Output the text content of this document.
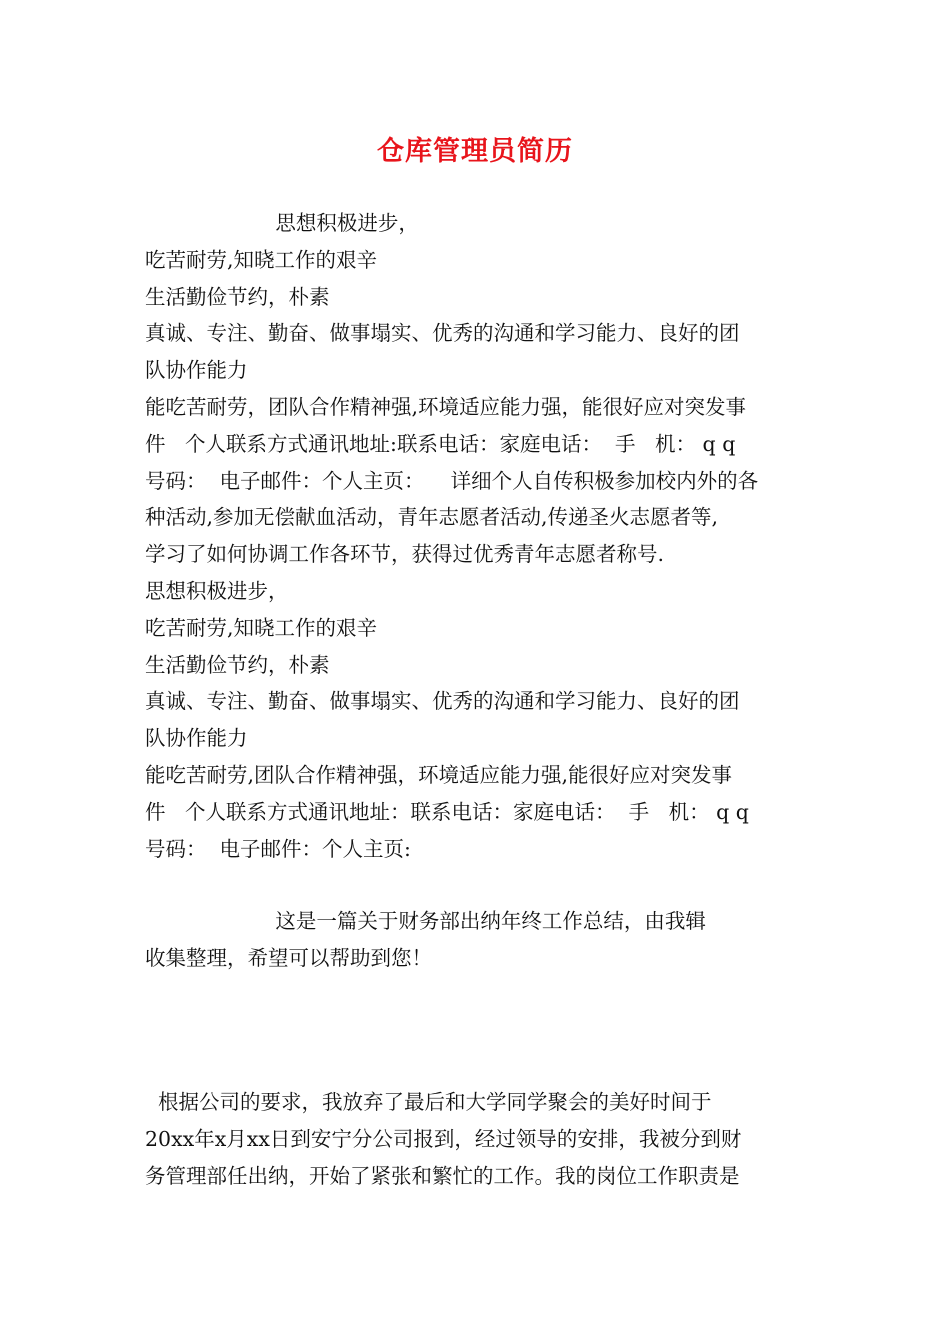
仓库管理员简历
思想积极进步，
吃苦耐劳,知晓工作的艰辛
生活勤俭节约，朴素
真诚、专注、勤奋、做事塌实、优秀的沟通和学习能力、良好的团
队协作能力
能吃苦耐劳，团队合作精神强,环境适应能力强，能很好应对突发事
件   个人联系方式通讯地址:联系电话：家庭电话：  手   机： q q
号码：  电子邮件：个人主页：    详细个人自传积极参加校内外的各
种活动,参加无偿献血活动，青年志愿者活动,传递圣火志愿者等,
学习了如何协调工作各环节，获得过优秀青年志愿者称号.
思想积极进步，
吃苦耐劳,知晓工作的艰辛
生活勤俭节约，朴素
真诚、专注、勤奋、做事塌实、优秀的沟通和学习能力、良好的团
队协作能力
能吃苦耐劳,团队合作精神强，环境适应能力强,能很好应对突发事
件   个人联系方式通讯地址：联系电话：家庭电话：  手   机： q q
号码：  电子邮件：个人主页:
这是一篇关于财务部出纳年终工作总结，由我辑
收集整理，希望可以帮助到您！
根据公司的要求，我放弃了最后和大学同学聚会的美好时间于
20xx年x月xx日到安宁分公司报到，经过领导的安排，我被分到财
务管理部任出纳，开始了紧张和繁忙的工作。我的岗位工作职责是
